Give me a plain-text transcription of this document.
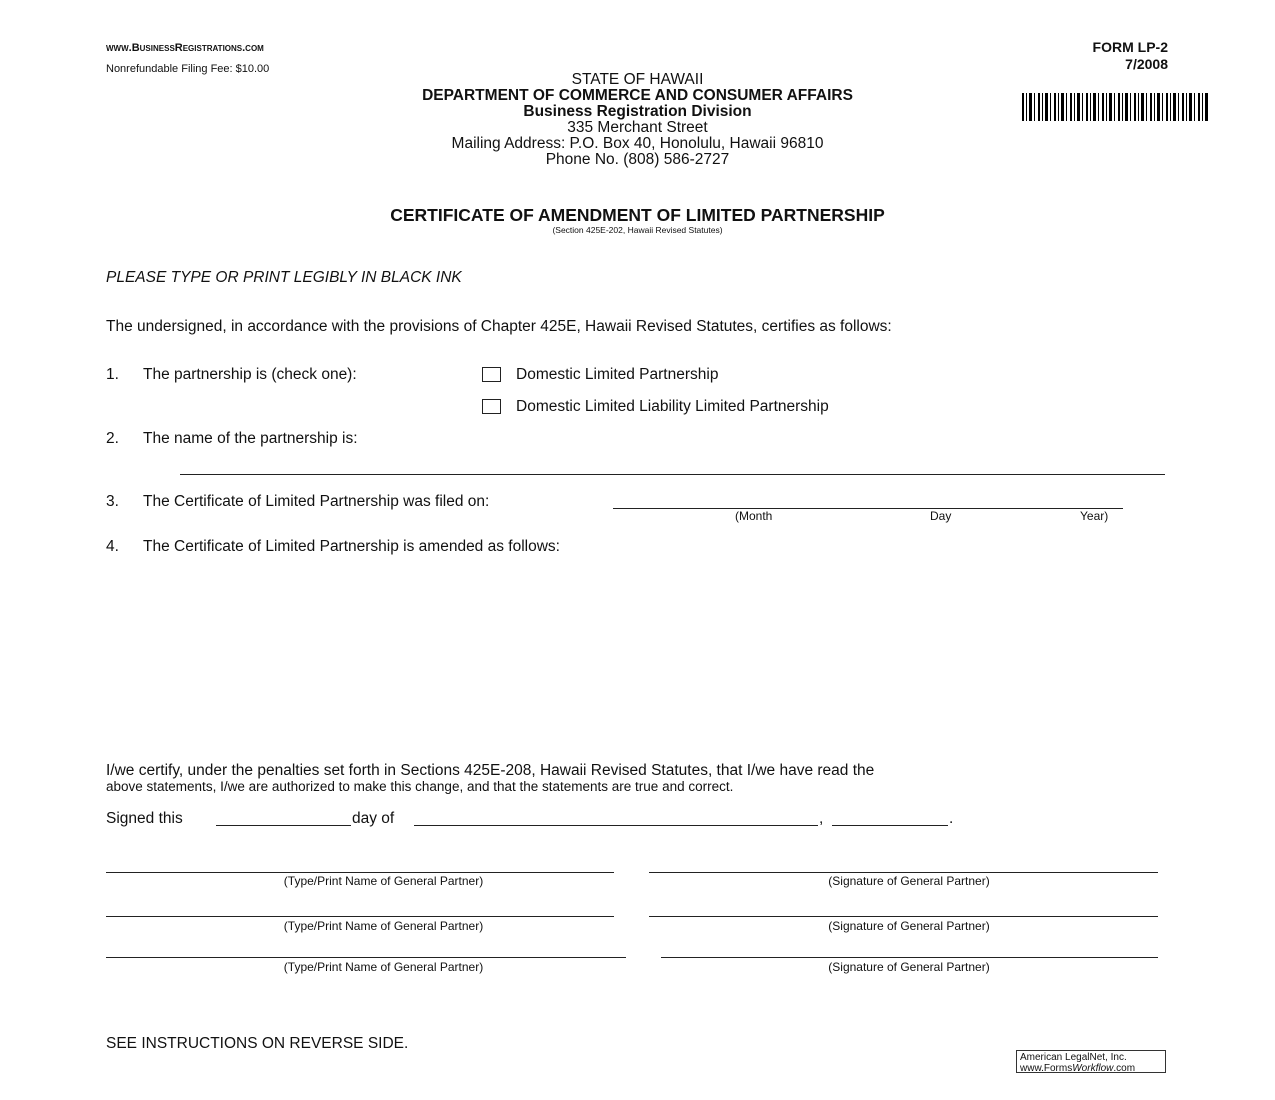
www.BusinessRegistrations.com
Nonrefundable Filing Fee: $10.00
FORM LP-2
7/2008
STATE OF HAWAII
DEPARTMENT OF COMMERCE AND CONSUMER AFFAIRS
Business Registration Division
335 Merchant Street
Mailing Address: P.O. Box 40, Honolulu, Hawaii 96810
Phone No. (808) 586-2727
CERTIFICATE OF AMENDMENT OF LIMITED PARTNERSHIP
(Section 425E-202, Hawaii Revised Statutes)
PLEASE TYPE OR PRINT LEGIBLY IN BLACK INK
The undersigned, in accordance with the provisions of Chapter 425E, Hawaii Revised Statutes, certifies as follows:
1. The partnership is (check one):	Domestic Limited Partnership
Domestic Limited Liability Limited Partnership
2. The name of the partnership is:
3. The Certificate of Limited Partnership was filed on:
(Month	Day	Year)
4. The Certificate of Limited Partnership is amended as follows:
I/we certify, under the penalties set forth in Sections 425E-208, Hawaii Revised Statutes, that I/we have read the
above statements, I/we are authorized to make this change, and that the statements are true and correct.
Signed this	day of	,	.
(Type/Print Name of General Partner)	(Signature of General Partner)
(Type/Print Name of General Partner)	(Signature of General Partner)
(Type/Print Name of General Partner)	(Signature of General Partner)
SEE INSTRUCTIONS ON REVERSE SIDE.
American LegalNet, Inc.
www.FormsWorkflow.com
